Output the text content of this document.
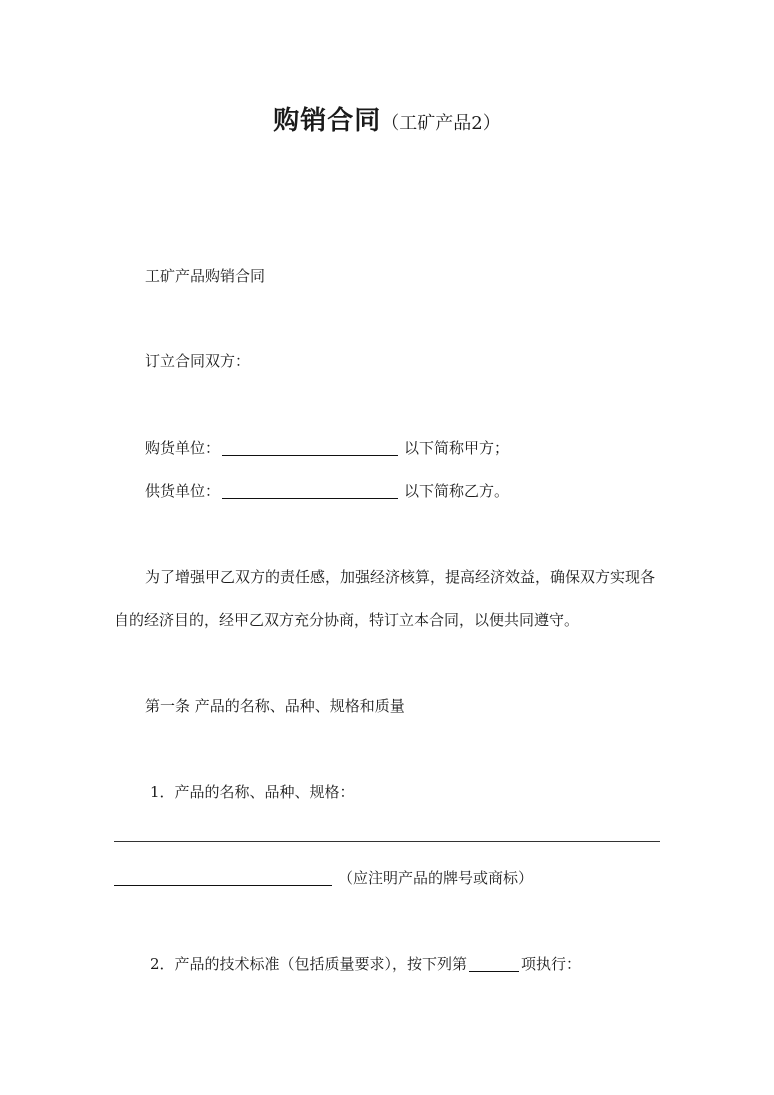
购销合同（工矿产品2）
工矿产品购销合同
订立合同双方：
购货单位：	以下简称甲方；
供货单位：	以下简称乙方。
为了增强甲乙双方的责任感，加强经济核算，提高经济效益，确保双方实现各
自的经济目的，经甲乙双方充分协商，特订立本合同，以便共同遵守。
第一条 产品的名称、品种、规格和质量
1．产品的名称、品种、规格：
（应注明产品的牌号或商标）
2．产品的技术标准（包括质量要求），按下列第	项执行：
